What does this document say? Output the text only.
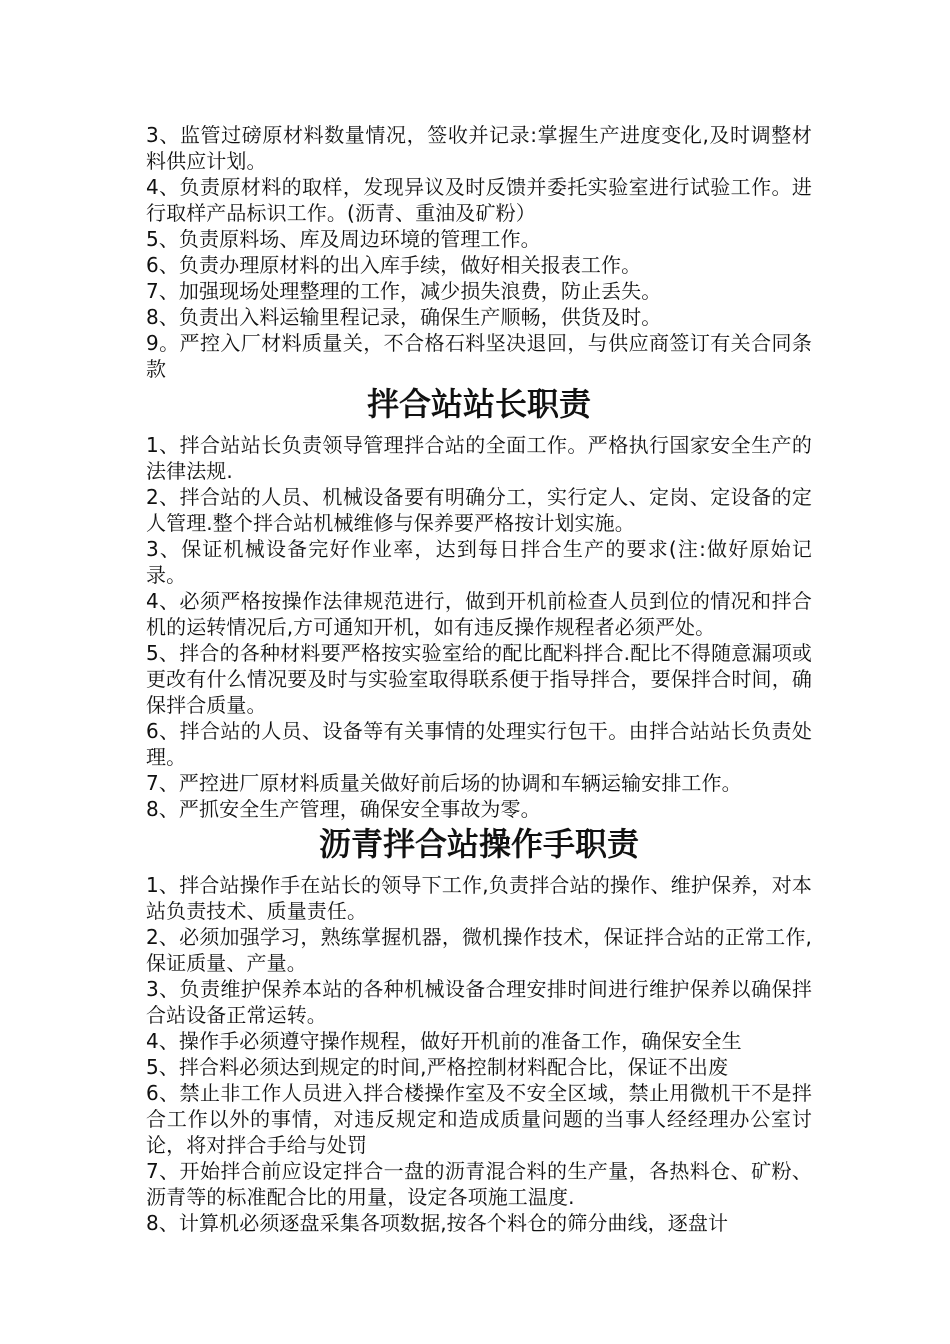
3、监管过磅原材料数量情况，签收并记录:掌握生产进度变化,及时调整材料供应计划。

4、负责原材料的取样，发现异议及时反馈并委托实验室进行试验工作。进行取样产品标识工作。(沥青、重油及矿粉）

5、负责原料场、库及周边环境的管理工作。

6、负责办理原材料的出入库手续，做好相关报表工作。

7、加强现场处理整理的工作，减少损失浪费，防止丢失。

8、负责出入料运输里程记录，确保生产顺畅，供货及时。

9。严控入厂材料质量关，不合格石料坚决退回，与供应商签订有关合同条款

拌合站站长职责

1、拌合站站长负责领导管理拌合站的全面工作。严格执行国家安全生产的法律法规.

2、拌合站的人员、机械设备要有明确分工，实行定人、定岗、定设备的定人管理.整个拌合站机械维修与保养要严格按计划实施。

3、保证机械设备完好作业率，达到每日拌合生产的要求(注:做好原始记录。

4、必须严格按操作法律规范进行，做到开机前检查人员到位的情况和拌合机的运转情况后,方可通知开机，如有违反操作规程者必须严处。

5、拌合的各种材料要严格按实验室给的配比配料拌合.配比不得随意漏项或更改有什么情况要及时与实验室取得联系便于指导拌合，要保拌合时间，确保拌合质量。

6、拌合站的人员、设备等有关事情的处理实行包干。由拌合站站长负责处理。

7、严控进厂原材料质量关做好前后场的协调和车辆运输安排工作。

8、严抓安全生产管理，确保安全事故为零。

沥青拌合站操作手职责

1、拌合站操作手在站长的领导下工作,负责拌合站的操作、维护保养，对本站负责技术、质量责任。

2、必须加强学习，熟练掌握机器，微机操作技术，保证拌合站的正常工作,保证质量、产量。

3、负责维护保养本站的各种机械设备合理安排时间进行维护保养以确保拌合站设备正常运转。

4、操作手必须遵守操作规程，做好开机前的准备工作，确保安全生

5、拌合料必须达到规定的时间,严格控制材料配合比，保证不出废

6、禁止非工作人员进入拌合楼操作室及不安全区域，禁止用微机干不是拌合工作以外的事情，对违反规定和造成质量问题的当事人经经理办公室讨论，将对拌合手给与处罚

7、开始拌合前应设定拌合一盘的沥青混合料的生产量，各热料仓、矿粉、沥青等的标准配合比的用量，设定各项施工温度.

8、计算机必须逐盘采集各项数据,按各个料仓的筛分曲线，逐盘计
